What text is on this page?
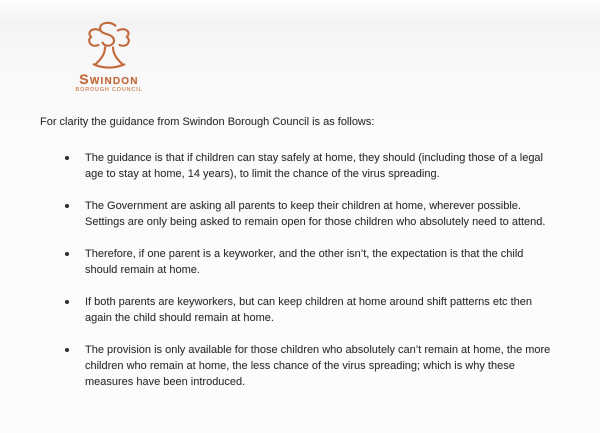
Swindon
BOROUGH COUNCIL

For clarity the guidance from Swindon Borough Council is as follows:

The guidance is that if children can stay safely at home, they should (including those of a legal age to stay at home, 14 years), to limit the chance of the virus spreading.
The Government are asking all parents to keep their children at home, wherever possible. Settings are only being asked to remain open for those children who absolutely need to attend.
Therefore, if one parent is a keyworker, and the other isn’t, the expectation is that the child should remain at home.
If both parents are keyworkers, but can keep children at home around shift patterns etc then again the child should remain at home.
The provision is only available for those children who absolutely can’t remain at home, the more children who remain at home, the less chance of the virus spreading; which is why these measures have been introduced.
